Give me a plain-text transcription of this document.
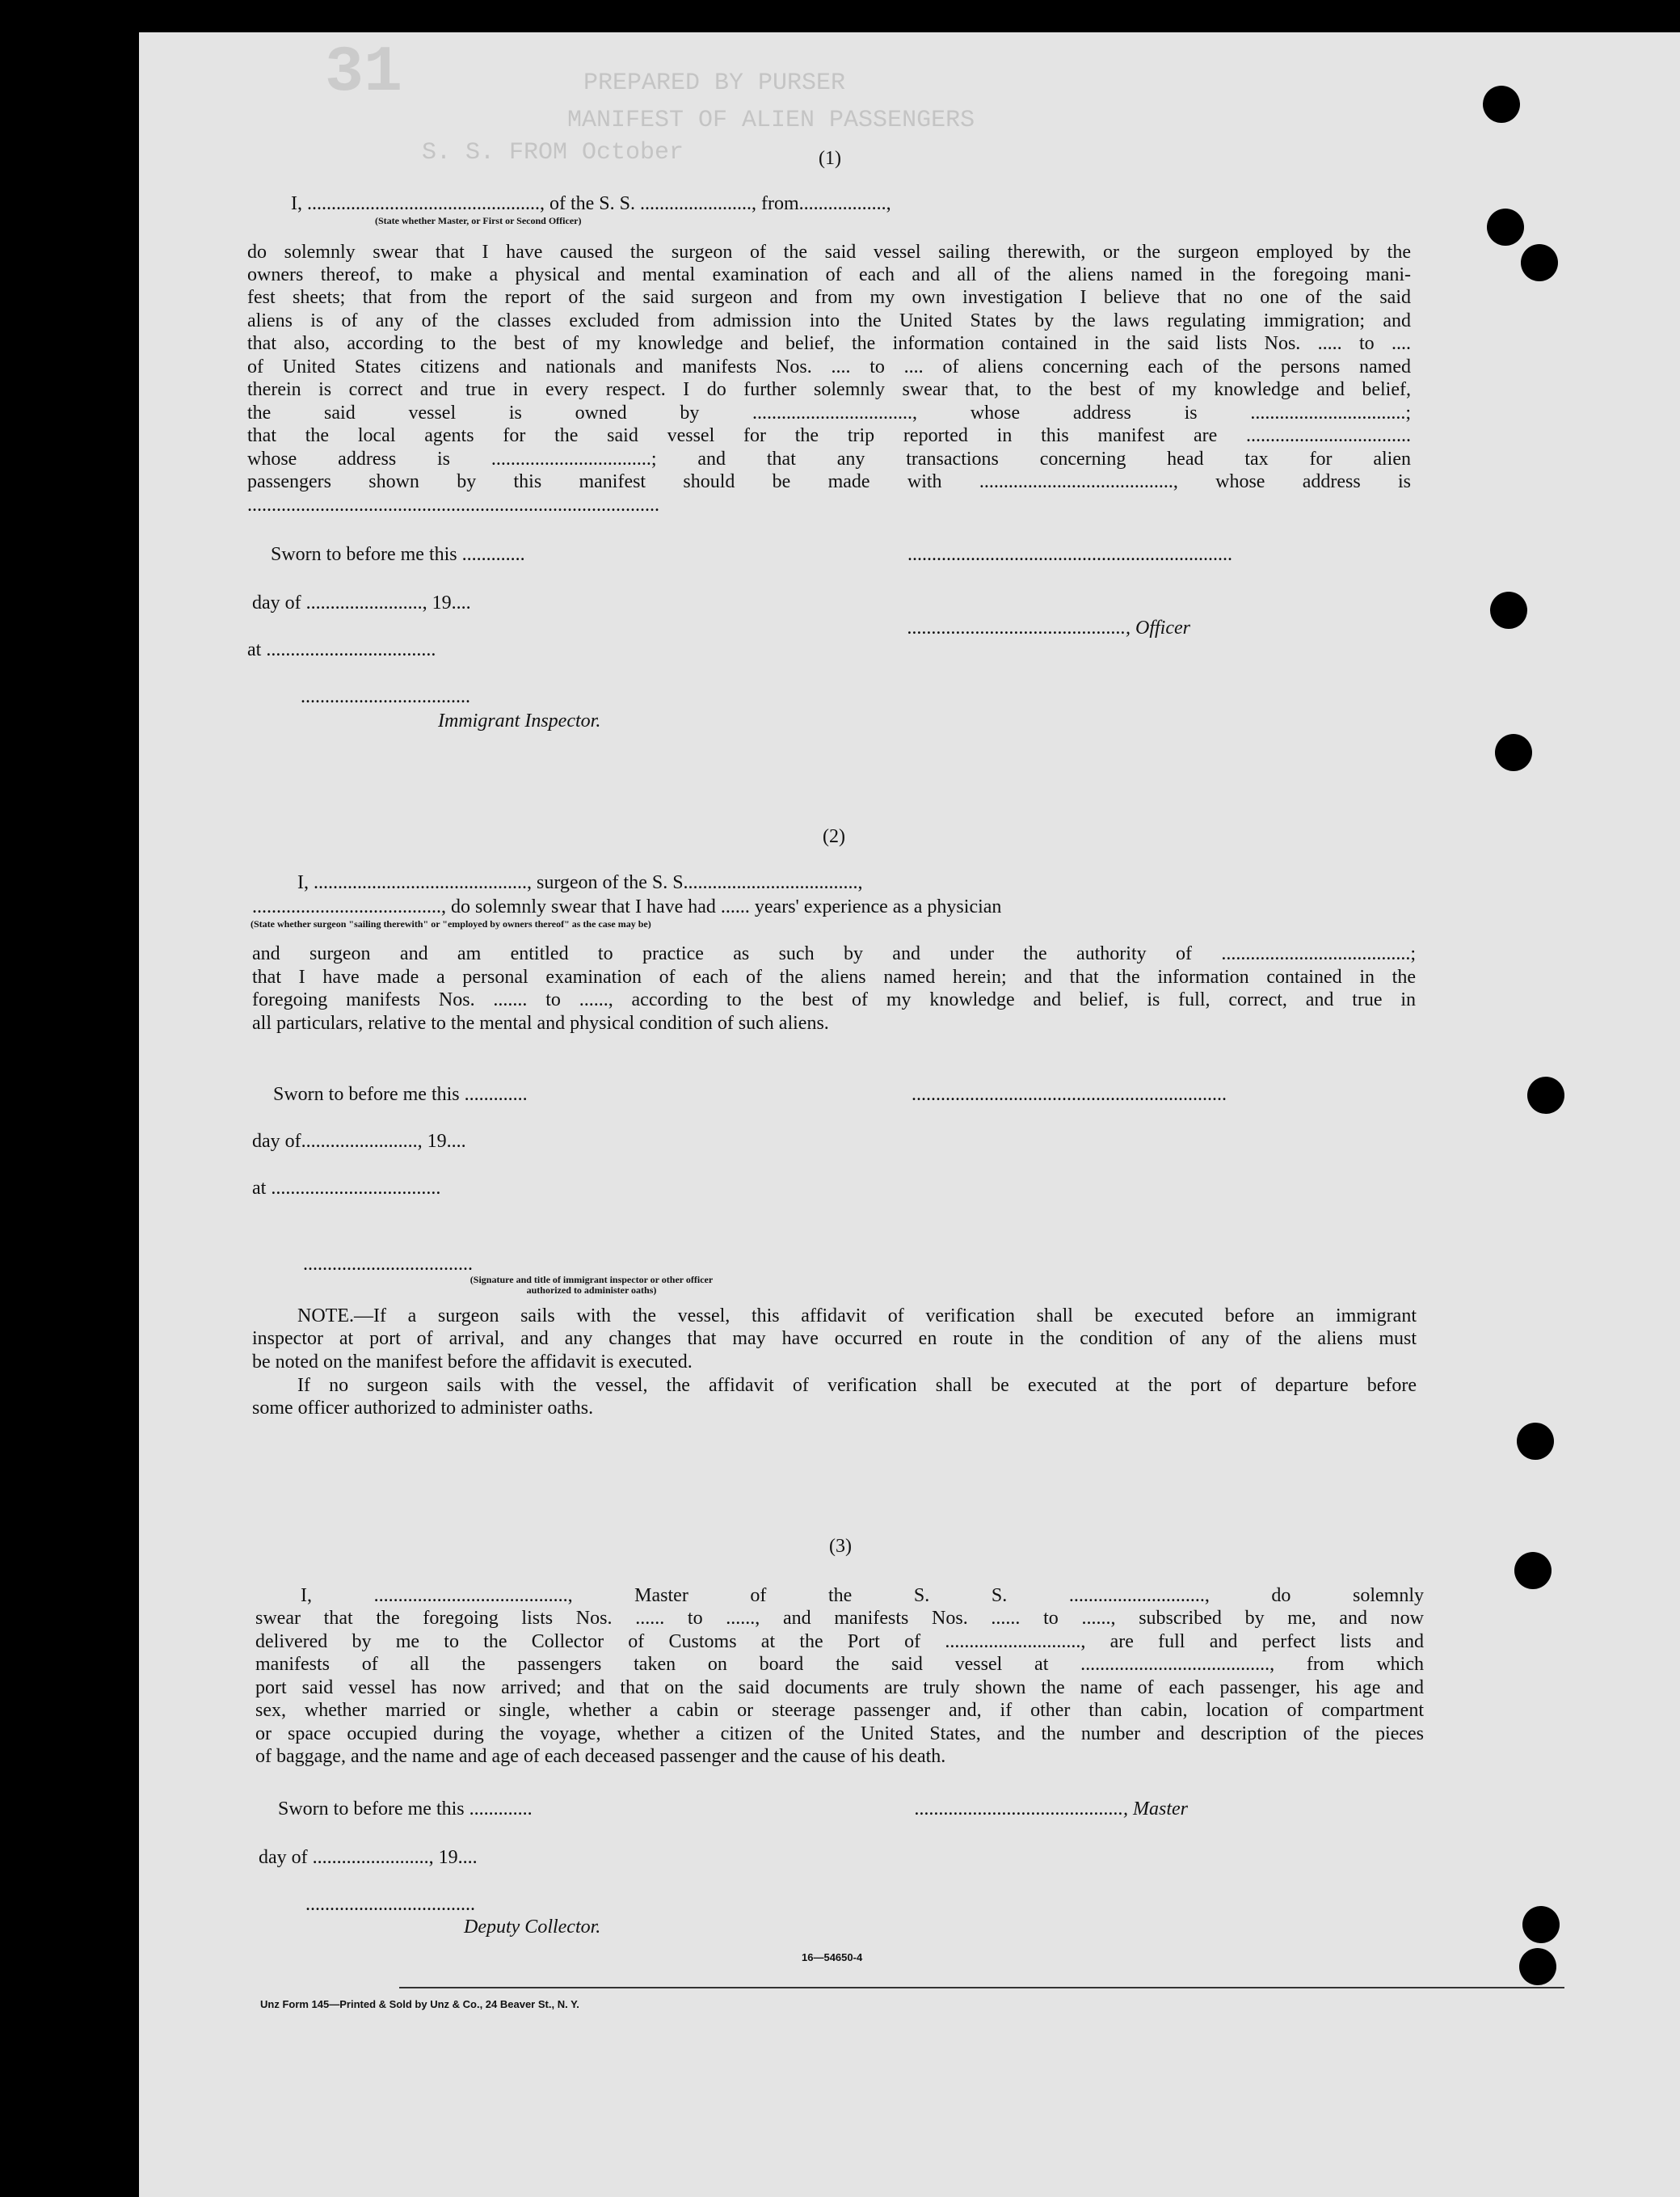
31	PREPARED BY PURSER
MANIFEST OF ALIEN PASSENGERS
S. S. FROM October	(1)
I, ................................................, of the S. S. ......................., from..................,
(State whether Master, or First or Second Officer)
do solemnly swear that I have caused the surgeon of the said vessel sailing therewith, or the surgeon employed by the
owners thereof, to make a physical and mental examination of each and all of the aliens named in the foregoing mani-
fest sheets; that from the report of the said surgeon and from my own investigation I believe that no one of the said
aliens is of any of the classes excluded from admission into the United States by the laws regulating immigration; and
that also, according to the best of my knowledge and belief, the information contained in the said lists Nos. ..... to ....
of United States citizens and nationals and manifests Nos. .... to .... of aliens concerning each of the persons named
therein is correct and true in every respect. I do further solemnly swear that, to the best of my knowledge and belief,
the said vessel is owned by ................................., whose address is ................................;
that the local agents for the said vessel for the trip reported in this manifest are ..................................
whose address is .................................; and that any transactions concerning head tax for alien
passengers shown by this manifest should be made with ........................................, whose address is
.....................................................................................
Sworn to before me this .............	...................................................................
day of ........................, 19....
............................................., Officer
at ...................................
...................................
Immigrant Inspector.
(2)
I, ............................................, surgeon of the S. S....................................,
......................................., do solemnly swear that I have had ...... years' experience as a physician
(State whether surgeon "sailing therewith" or "employed by owners thereof" as the case may be)
and surgeon and am entitled to practice as such by and under the authority of .......................................;
that I have made a personal examination of each of the aliens named herein; and that the information contained in the
foregoing manifests Nos. ....... to ......, according to the best of my knowledge and belief, is full, correct, and true in
all particulars, relative to the mental and physical condition of such aliens.
Sworn to before me this .............	.................................................................
day of........................, 19....
at ...................................
...................................
(Signature and title of immigrant inspector or other officer authorized to administer oaths)
NOTE.—If a surgeon sails with the vessel, this affidavit of verification shall be executed before an immigrant
inspector at port of arrival, and any changes that may have occurred en route in the condition of any of the aliens must
be noted on the manifest before the affidavit is executed.
If no surgeon sails with the vessel, the affidavit of verification shall be executed at the port of departure before
some officer authorized to administer oaths.
(3)
I, ........................................, Master of the S. S. ............................, do solemnly
swear that the foregoing lists Nos. ...... to ......, and manifests Nos. ...... to ......, subscribed by me, and now
delivered by me to the Collector of Customs at the Port of ............................, are full and perfect lists and
manifests of all the passengers taken on board the said vessel at ......................................., from which
port said vessel has now arrived; and that on the said documents are truly shown the name of each passenger, his age and
sex, whether married or single, whether a cabin or steerage passenger and, if other than cabin, location of compartment
or space occupied during the voyage, whether a citizen of the United States, and the number and description of the pieces
of baggage, and the name and age of each deceased passenger and the cause of his death.
Sworn to before me this .............	..........................................., Master
day of ........................, 19....
...................................
Deputy Collector.
16—54650-4
Unz Form 145—Printed & Sold by Unz & Co., 24 Beaver St., N. Y.
